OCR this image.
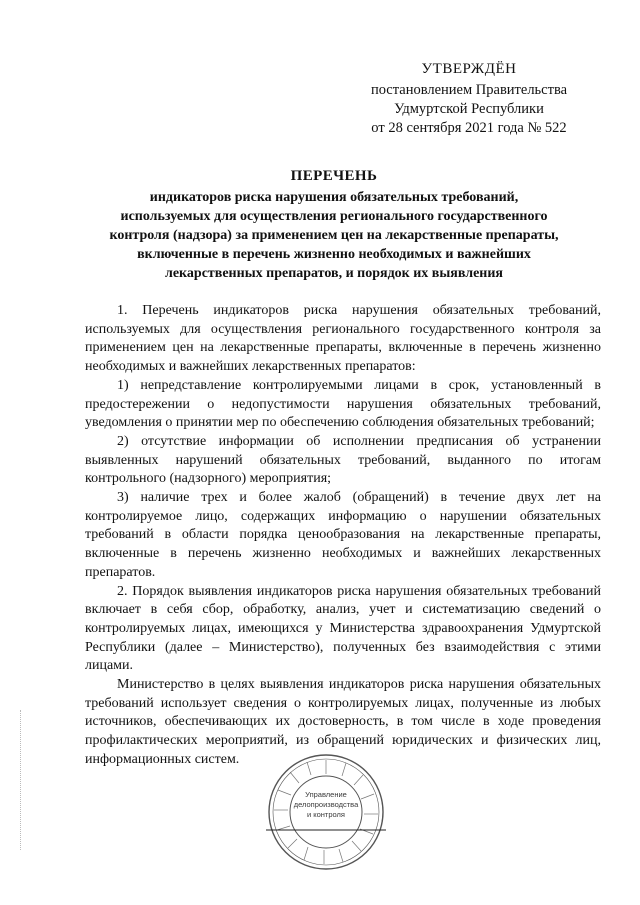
УТВЕРЖДЁН
постановлением Правительства
Удмуртской Республики
от 28 сентября 2021 года № 522
ПЕРЕЧЕНЬ
индикаторов риска нарушения обязательных требований,
используемых для осуществления регионального государственного
контроля (надзора) за применением цен на лекарственные препараты,
включенные в перечень жизненно необходимых и важнейших
лекарственных препаратов, и порядок их выявления

1. Перечень индикаторов риска нарушения обязательных требований, используемых для осуществления регионального государственного контроля за применением цен на лекарственные препараты, включенные в перечень жизненно необходимых и важнейших лекарственных препаратов:

1) непредставление контролируемыми лицами в срок, установленный в предостережении о недопустимости нарушения обязательных требований, уведомления о принятии мер по обеспечению соблюдения обязательных требований;

2) отсутствие информации об исполнении предписания об устранении выявленных нарушений обязательных требований, выданного по итогам контрольного (надзорного) мероприятия;

3) наличие трех и более жалоб (обращений) в течение двух лет на контролируемое лицо, содержащих информацию о нарушении обязательных требований в области порядка ценообразования на лекарственные препараты, включенные в перечень жизненно необходимых и важнейших лекарственных препаратов.

2. Порядок выявления индикаторов риска нарушения обязательных требований включает в себя сбор, обработку, анализ, учет и систематизацию сведений о контролируемых лицах, имеющихся у Министерства здравоохранения Удмуртской Республики (далее – Министерство), полученных без взаимодействия с этими лицами.

Министерство в целях выявления индикаторов риска нарушения обязательных требований использует сведения о контролируемых лицах, полученные из любых источников, обеспечивающих их достоверность, в том числе в ходе проведения профилактических мероприятий, из обращений юридических и физических лиц, информационных систем.

Управление
делопроизводства
и контроля
